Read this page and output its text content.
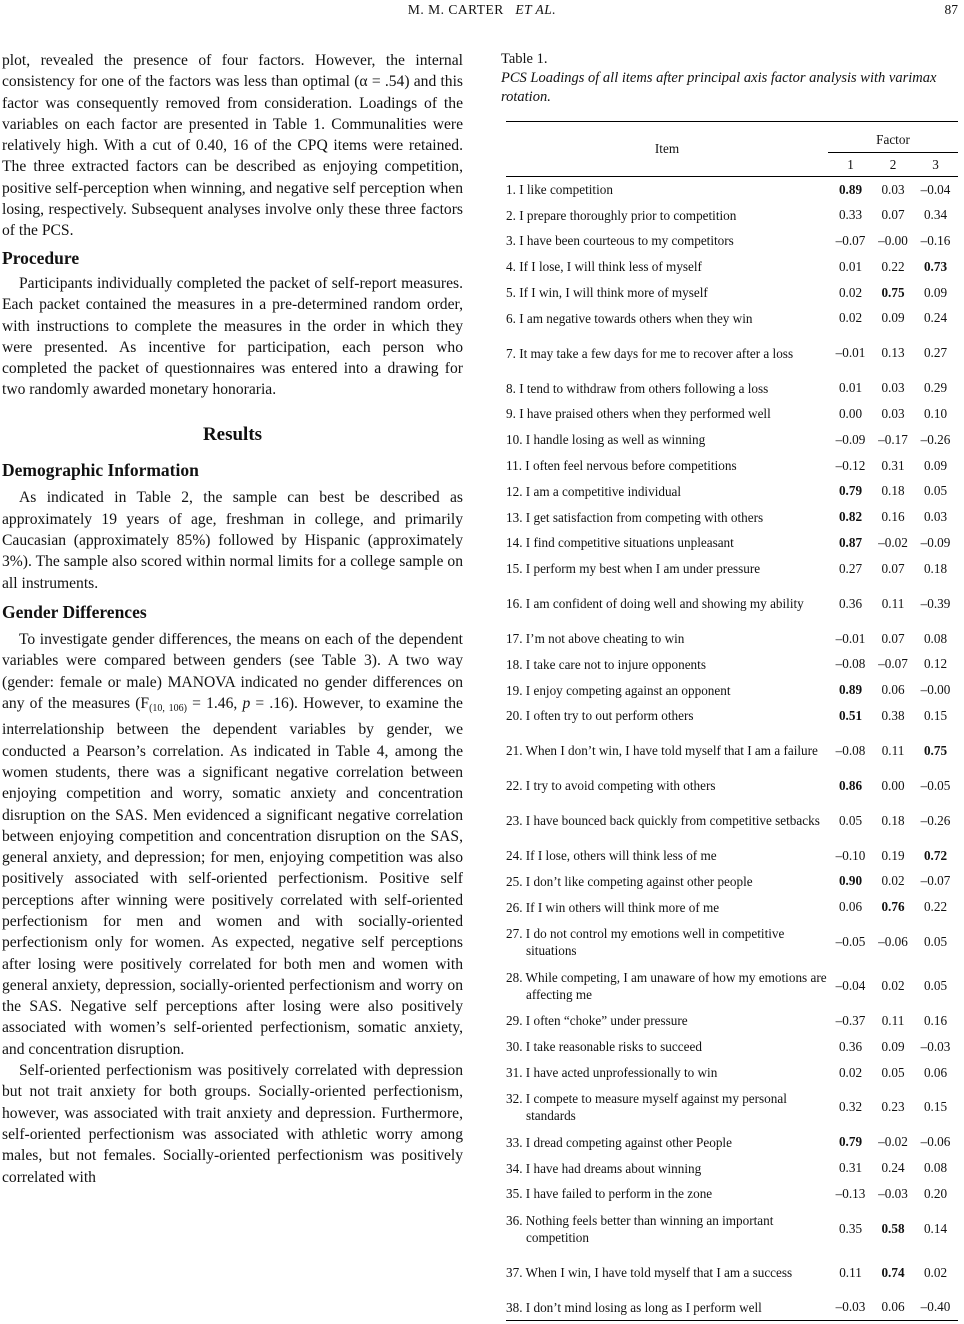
M. M. CARTER ET AL.	87

plot, revealed the presence of four factors. However, the internal consistency for one of the factors was less than optimal (α = .54) and this factor was consequently removed from consideration. Loadings of the variables on each factor are presented in Table 1. Communalities were relatively high. With a cut of 0.40, 16 of the CPQ items were retained. The three extracted factors can be described as enjoying competition, positive self-perception when winning, and negative self perception when losing, respectively. Subsequent analyses involve only these three factors of the PCS.

Procedure

Participants individually completed the packet of self-report measures. Each packet contained the measures in a pre-determined random order, with instructions to complete the measures in the order in which they were presented. As incentive for participation, each person who completed the packet of questionnaires was entered into a drawing for two randomly awarded monetary honoraria.

Results
Demographic Information

As indicated in Table 2, the sample can best be described as approximately 19 years of age, freshman in college, and primarily Caucasian (approximately 85%) followed by Hispanic (approximately 3%). The sample also scored within normal limits for a college sample on all instruments.

Gender Differences

To investigate gender differences, the means on each of the dependent variables were compared between genders (see Table 3). A two way (gender: female or male) MANOVA indicated no gender differences on any of the measures ($F_{(10, 106)} = 1.46$, p = .16). However, to examine the interrelationship between the dependent variables by gender, we conducted a Pearson’s correlation. As indicated in Table 4, among the women students, there was a significant negative correlation between enjoying competition and worry, somatic anxiety and concentration disruption on the SAS. Men evidenced a significant negative correlation between enjoying competition and concentration disruption on the SAS, general anxiety, and depression; for men, enjoying competition was also positively associated with self-oriented perfectionism. Positive self perceptions after winning were positively correlated with self-oriented perfectionism for men and women and with socially-oriented perfectionism only for women. As expected, negative self perceptions after losing were positively correlated for both men and women with general anxiety, depression, socially-oriented perfectionism and worry on the SAS. Negative self perceptions after losing were also positively associated with women’s self-oriented perfectionism, somatic anxiety, and concentration disruption.

Self-oriented perfectionism was positively correlated with depression but not trait anxiety for both groups. Socially-oriented perfectionism, however, was associated with trait anxiety and depression. Furthermore, self-oriented perfectionism was associated with athletic worry among males, but not females. Socially-oriented perfectionism was positively correlated with

Table 1.
PCS Loadings of all items after principal axis factor analysis with varimax rotation.
Item	Factor		
	1	2	3

1. I like competition	0.89	0.03	–0.04

2. I prepare thoroughly prior to competition	0.33	0.07	0.34

3. I have been courteous to my competitors	–0.07	–0.00	–0.16

4. If I lose, I will think less of myself	0.01	0.22	0.73

5. If I win, I will think more of myself	0.02	0.75	0.09

6. I am negative towards others when they win	0.02	0.09	0.24

7. It may take a few days for me to recover after a loss	–0.01	0.13	0.27

8. I tend to withdraw from others following a loss	0.01	0.03	0.29

9. I have praised others when they performed well	0.00	0.03	0.10

10. I handle losing as well as winning	–0.09	–0.17	–0.26

11. I often feel nervous before competitions	–0.12	0.31	0.09

12. I am a competitive individual	0.79	0.18	0.05

13. I get satisfaction from competing with others	0.82	0.16	0.03

14. I find competitive situations unpleasant	0.87	–0.02	–0.09

15. I perform my best when I am under pressure	0.27	0.07	0.18

16. I am confident of doing well and showing my ability	0.36	0.11	–0.39

17. I’m not above cheating to win	–0.01	0.07	0.08

18. I take care not to injure opponents	–0.08	–0.07	0.12

19. I enjoy competing against an opponent	0.89	0.06	–0.00

20. I often try to out perform others	0.51	0.38	0.15

21. When I don’t win, I have told myself that I am a failure	–0.08	0.11	0.75

22. I try to avoid competing with others	0.86	0.00	–0.05

23. I have bounced back quickly from competitive setbacks	0.05	0.18	–0.26

24. If I lose, others will think less of me	–0.10	0.19	0.72

25. I don’t like competing against other people	0.90	0.02	–0.07

26. If I win others will think more of me	0.06	0.76	0.22

27. I do not control my emotions well in competitive situations	–0.05	–0.06	0.05

28. While competing, I am unaware of how my emotions are affecting me	–0.04	0.02	0.05

29. I often “choke” under pressure	–0.37	0.11	0.16

30. I take reasonable risks to succeed	0.36	0.09	–0.03

31. I have acted unprofessionally to win	0.02	0.05	0.06

32. I compete to measure myself against my personal standards	0.32	0.23	0.15

33. I dread competing against other People	0.79	–0.02	–0.06

34. I have had dreams about winning	0.31	0.24	0.08

35. I have failed to perform in the zone	–0.13	–0.03	0.20

36. Nothing feels better than winning an important competition	0.35	0.58	0.14

37. When I win, I have told myself that I am a success	0.11	0.74	0.02

38. I don’t mind losing as long as I perform well	–0.03	0.06	–0.40
